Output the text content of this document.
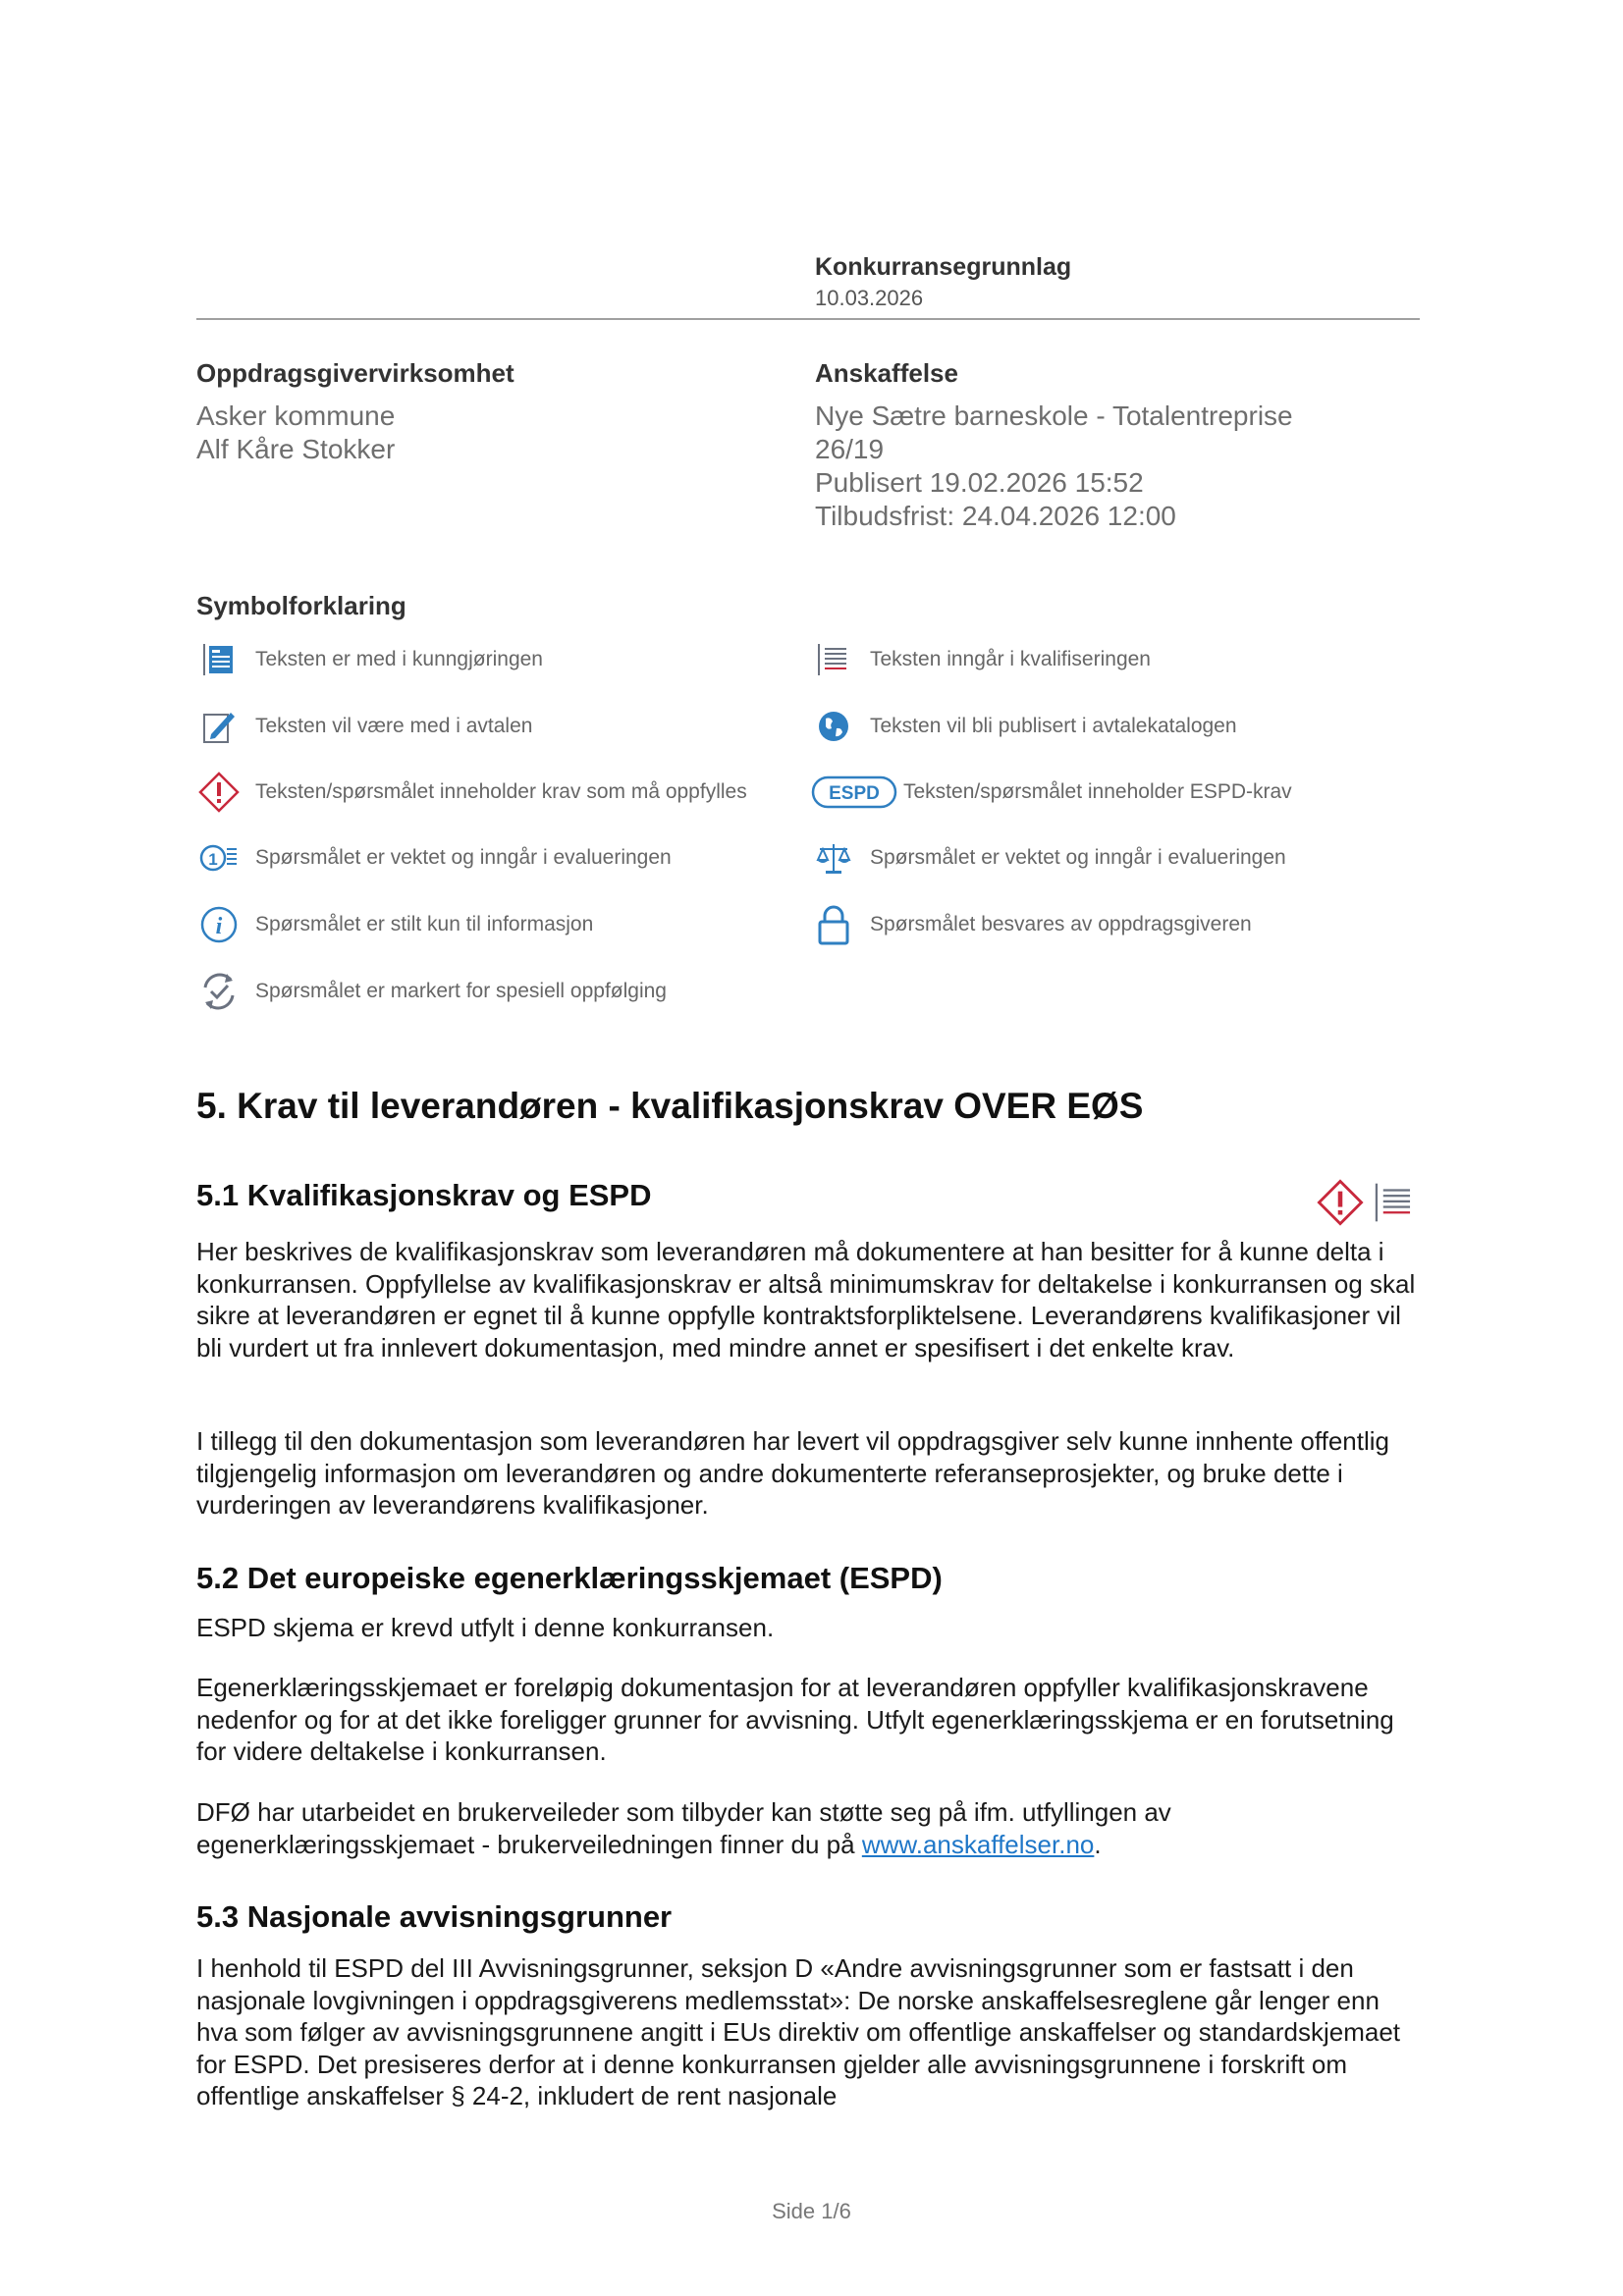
Konkurransegrunnlag
10.03.2026
Oppdragsgivervirksomhet
Asker kommune
Alf Kåre Stokker
Anskaffelse
Nye Sætre barneskole - Totalentreprise
26/19
Publisert 19.02.2026 15:52
Tilbudsfrist: 24.04.2026 12:00
Symbolforklaring
Teksten er med i kunngjøringen	Teksten inngår i kvalifiseringen
Teksten vil være med i avtalen	Teksten vil bli publisert i avtalekatalogen
Teksten/spørsmålet inneholder krav som må oppfylles	ESPD Teksten/spørsmålet inneholder ESPD-krav
1 Spørsmålet er vektet og inngår i evalueringen	Spørsmålet er vektet og inngår i evalueringen
i Spørsmålet er stilt kun til informasjon	Spørsmålet besvares av oppdragsgiveren
Spørsmålet er markert for spesiell oppfølging
5. Krav til leverandøren - kvalifikasjonskrav OVER EØS
5.1 Kvalifikasjonskrav og ESPD
Her beskrives de kvalifikasjonskrav som leverandøren må dokumentere at han besitter for å kunne delta i konkurransen. Oppfyllelse av kvalifikasjonskrav er altså minimumskrav for deltakelse i konkurransen og skal sikre at leverandøren er egnet til å kunne oppfylle kontraktsforpliktelsene. Leverandørens kvalifikasjoner vil bli vurdert ut fra innlevert dokumentasjon, med mindre annet er spesifisert i det enkelte krav.
I tillegg til den dokumentasjon som leverandøren har levert vil oppdragsgiver selv kunne innhente offentlig tilgjengelig informasjon om leverandøren og andre dokumenterte referanseprosjekter, og bruke dette i vurderingen av leverandørens kvalifikasjoner.
5.2 Det europeiske egenerklæringsskjemaet (ESPD)
ESPD skjema er krevd utfylt i denne konkurransen.
Egenerklæringsskjemaet er foreløpig dokumentasjon for at leverandøren oppfyller kvalifikasjonskravene nedenfor og for at det ikke foreligger grunner for avvisning. Utfylt egenerklæringsskjema er en forutsetning for videre deltakelse i konkurransen.
DFØ har utarbeidet en brukerveileder som tilbyder kan støtte seg på ifm. utfyllingen av egenerklæringsskjemaet - brukerveiledningen finner du på www.anskaffelser.no.
5.3 Nasjonale avvisningsgrunner
I henhold til ESPD del III Avvisningsgrunner, seksjon D «Andre avvisningsgrunner som er fastsatt i den nasjonale lovgivningen i oppdragsgiverens medlemsstat»: De norske anskaffelsesreglene går lenger enn hva som følger av avvisningsgrunnene angitt i EUs direktiv om offentlige anskaffelser og standardskjemaet for ESPD. Det presiseres derfor at i denne konkurransen gjelder alle avvisningsgrunnene i forskrift om offentlige anskaffelser § 24-2, inkludert de rent nasjonale
Side 1/6
